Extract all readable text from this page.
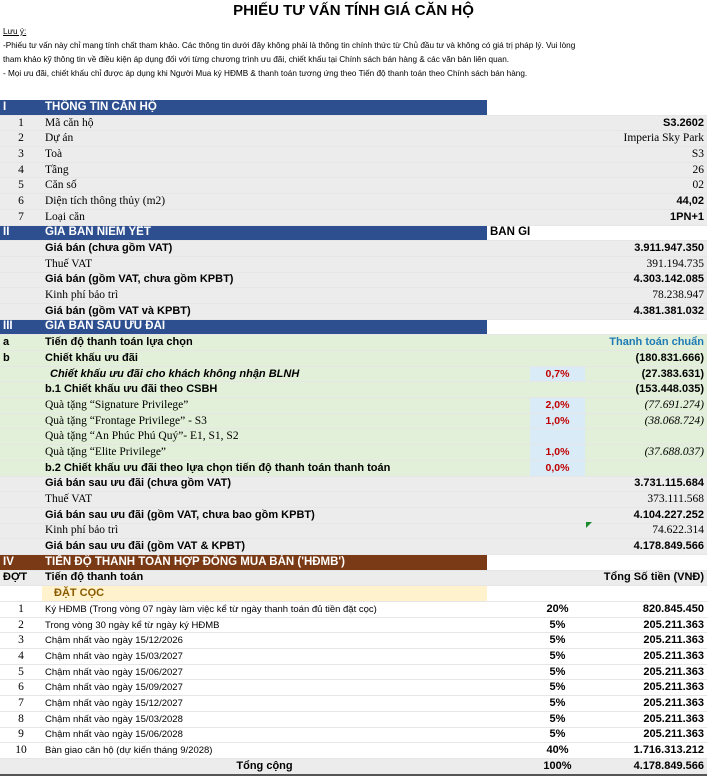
PHIẾU TƯ VẤN TÍNH GIÁ CĂN HỘ
Lưu ý:
-Phiếu tư vấn này chỉ mang tính chất tham khảo. Các thông tin dưới đây không phải là thông tin chính thức từ Chủ đầu tư và không có giá trị pháp lý. Vui lòng
tham khảo kỹ thông tin về điều kiện áp dụng đối với từng chương trình ưu đãi, chiết khấu tại Chính sách bán hàng & các văn bản liên quan.
- Mọi ưu đãi, chiết khấu chỉ được áp dụng khi Người Mua ký HĐMB & thanh toán tương ứng theo Tiến độ thanh toán theo Chính sách bán hàng.
I	THÔNG TIN CĂN HỘ			
1	Mã căn hộ			S3.2602
2	Dự án			Imperia Sky Park
3	Toà			S3
4	Tầng			26
5	Căn số			02
6	Diện tích thông thủy (m2)			44,02
7	Loại căn			1PN+1
II	GIÁ BÁN NIÊM YẾT	BÀN GI		
	Giá bán (chưa gồm VAT)			3.911.947.350
	Thuế VAT			391.194.735
	Giá bán (gồm VAT, chưa gồm KPBT)			4.303.142.085
	Kinh phí bảo trì			78.238.947
	Giá bán (gồm VAT và KPBT)			4.381.381.032
III	GIÁ BÁN SAU ƯU ĐÃI			
a	Tiến độ thanh toán lựa chọn			Thanh toán chuẩn
b	Chiết khấu ưu đãi			(180.831.666)
	Chiết khấu ưu đãi cho khách không nhận BLNH		0,7%	(27.383.631)
	b.1 Chiết khấu ưu đãi theo CSBH			(153.448.035)
	Quà tặng “Signature Privilege”		2,0%	(77.691.274)
	Quà tặng “Frontage Privilege” - S3		1,0%	(38.068.724)
	Quà tặng “An Phúc Phú Quý”- E1, S1, S2			
	Quà tặng “Elite Privilege”		1,0%	(37.688.037)
	b.2 Chiết khấu ưu đãi theo lựa chọn tiến độ thanh toán thanh toán		0,0%	
	Giá bán sau ưu đãi (chưa gồm VAT)			3.731.115.684
	Thuế VAT			373.111.568
	Giá bán sau ưu đãi (gồm VAT, chưa bao gồm KPBT)			4.104.227.252
	Kinh phí bảo trì			74.622.314
	Giá bán sau ưu đãi (gồm VAT & KPBT)			4.178.849.566
IV	TIẾN ĐỘ THANH TOÁN HỢP ĐỒNG MUA BÁN ('HĐMB')			
ĐỢT	Tiến độ thanh toán		Tổng Số tiền (VNĐ)	
	ĐẶT CỌC			
1	Ký HĐMB (Trong vòng 07 ngày làm việc kể từ ngày thanh toán đủ tiền đặt cọc)		20%	820.845.450
2	Trong vòng 30 ngày kể từ ngày ký HĐMB		5%	205.211.363
3	Chậm nhất vào ngày 15/12/2026		5%	205.211.363
4	Chậm nhất vào ngày 15/03/2027		5%	205.211.363
5	Chậm nhất vào ngày 15/06/2027		5%	205.211.363
6	Chậm nhất vào ngày 15/09/2027		5%	205.211.363
7	Chậm nhất vào ngày 15/12/2027		5%	205.211.363
8	Chậm nhất vào ngày 15/03/2028		5%	205.211.363
9	Chậm nhất vào ngày 15/06/2028		5%	205.211.363
10	Bàn giao căn hộ (dự kiến tháng 9/2028)		40%	1.716.313.212
	Tổng cộng		100%	4.178.849.566
